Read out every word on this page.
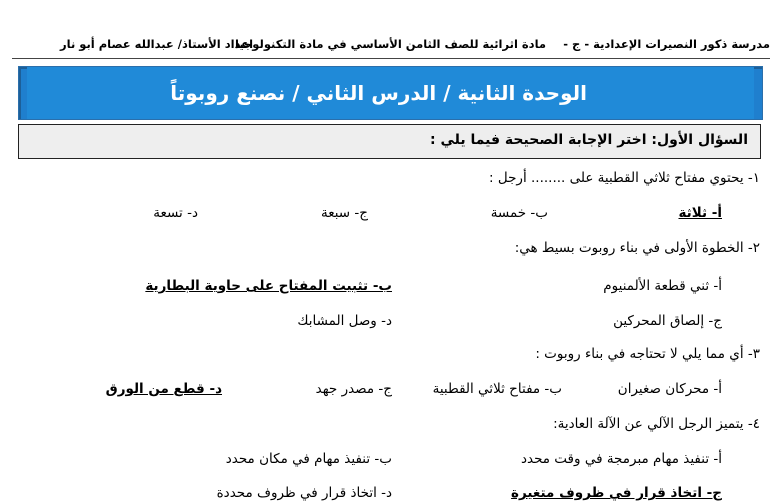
مدرسة ذكور النصيرات الإعدادية - ج -
مادة اثرائية للصف الثامن الأساسي في مادة التكنولوجيا
اعداد الأستاذ/ عبدالله عصام أبو نار
الوحدة الثانية / الدرس الثاني / نصنع روبوتاً
السؤال الأول: اختر الإجابة الصحيحة فيما يلي :
١- يحتوي مفتاح ثلاثي القطبية على ........ أرجل :
أ- ثلاثة
ب- خمسة
ج- سبعة
د- تسعة
٢- الخطوة الأولى في بناء روبوت بسيط هي:
أ- ثني قطعة الألمنيوم
ب- تثبيت المفتاح على حاوية البطارية
ج- إلصاق المحركين
د- وصل المشابك
٣- أي مما يلي لا تحتاجه في بناء روبوت :
أ- محركان صغيران
ب- مفتاح ثلاثي القطبية
ج- مصدر جهد
د- قطع من الورق
٤- يتميز الرجل الآلي عن الآلة العادية:
أ- تنفيذ مهام مبرمجة في وقت محدد
ب- تنفيذ مهام في مكان محدد
ج- اتخاذ قرار في ظروف متغيرة
د- اتخاذ قرار في ظروف محددة
